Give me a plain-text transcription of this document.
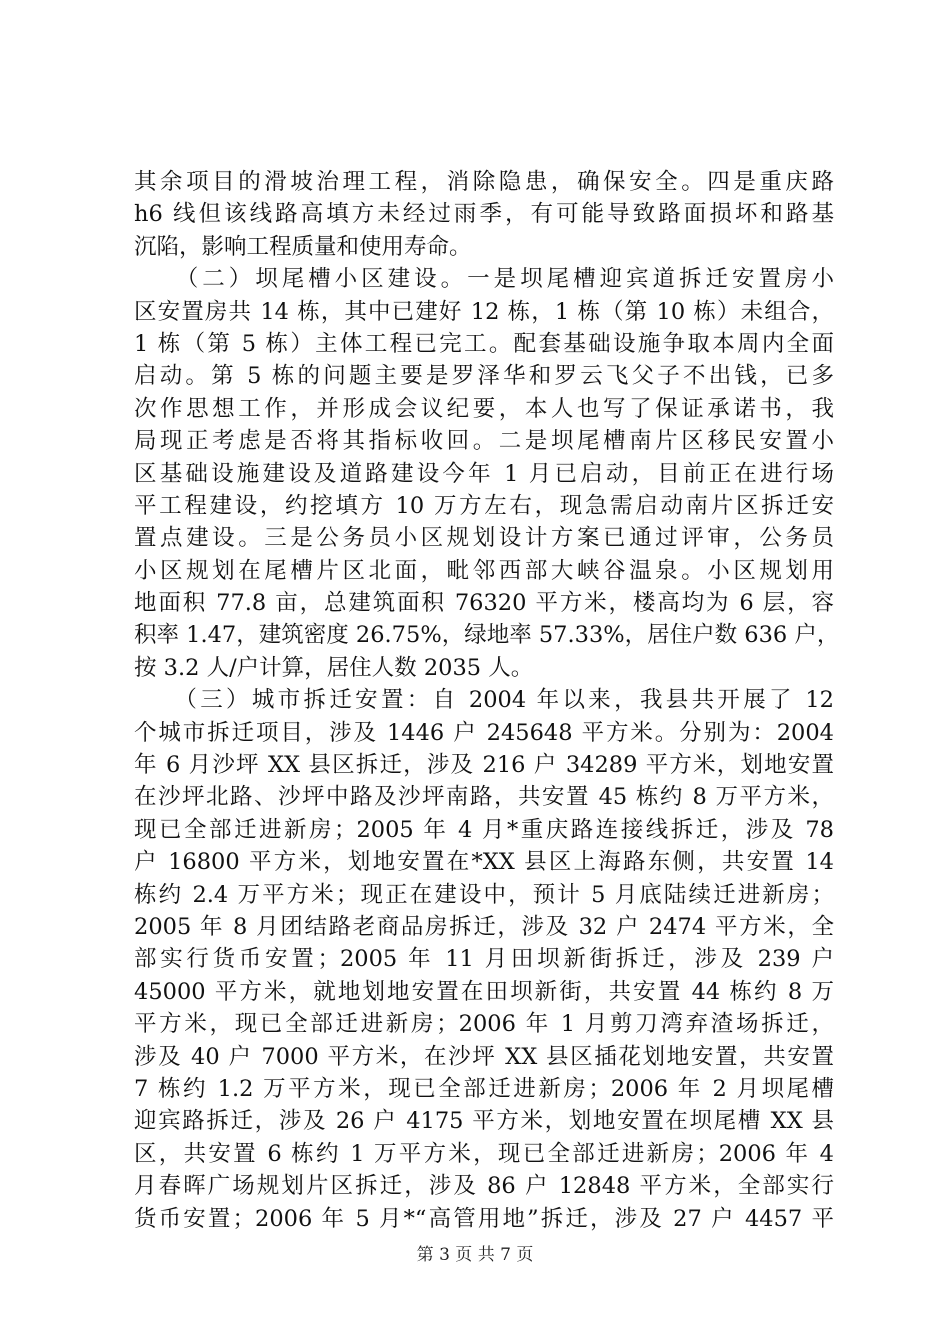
其余项目的滑坡治理工程，消除隐患，确保安全。四是重庆路
h6 线但该线路高填方未经过雨季，有可能导致路面损坏和路基
沉陷，影响工程质量和使用寿命。
　　（二）坝尾槽小区建设。一是坝尾槽迎宾道拆迁安置房小
区安置房共 14 栋，其中已建好 12 栋，1 栋（第 10 栋）未组合，
1 栋（第 5 栋）主体工程已完工。配套基础设施争取本周内全面
启动。第 5 栋的问题主要是罗泽华和罗云飞父子不出钱，已多
次作思想工作，并形成会议纪要，本人也写了保证承诺书，我
局现正考虑是否将其指标收回。二是坝尾槽南片区移民安置小
区基础设施建设及道路建设今年 1 月已启动，目前正在进行场
平工程建设，约挖填方 10 万方左右，现急需启动南片区拆迁安
置点建设。三是公务员小区规划设计方案已通过评审，公务员
小区规划在尾槽片区北面，毗邻西部大峡谷温泉。小区规划用
地面积 77.8 亩，总建筑面积 76320 平方米，楼高均为 6 层，容
积率 1.47，建筑密度 26.75%，绿地率 57.33%，居住户数 636 户，
按 3.2 人/户计算，居住人数 2035 人。
　　（三）城市拆迁安置：自 2004 年以来，我县共开展了 12
个城市拆迁项目，涉及 1446 户 245648 平方米。分别为：2004
年 6 月沙坪 XX 县区拆迁，涉及 216 户 34289 平方米，划地安置
在沙坪北路、沙坪中路及沙坪南路，共安置 45 栋约 8 万平方米，
现已全部迁进新房；2005 年 4 月*重庆路连接线拆迁，涉及 78
户 16800 平方米，划地安置在*XX 县区上海路东侧，共安置 14
栋约 2.4 万平方米；现正在建设中，预计 5 月底陆续迁进新房；
2005 年 8 月团结路老商品房拆迁，涉及 32 户 2474 平方米，全
部实行货币安置；2005 年 11 月田坝新街拆迁，涉及 239 户
45000 平方米，就地划地安置在田坝新街，共安置 44 栋约 8 万
平方米，现已全部迁进新房；2006 年 1 月剪刀湾弃渣场拆迁，
涉及 40 户 7000 平方米，在沙坪 XX 县区插花划地安置，共安置
7 栋约 1.2 万平方米，现已全部迁进新房；2006 年 2 月坝尾槽
迎宾路拆迁，涉及 26 户 4175 平方米，划地安置在坝尾槽 XX 县
区，共安置 6 栋约 1 万平方米，现已全部迁进新房；2006 年 4
月春晖广场规划片区拆迁，涉及 86 户 12848 平方米，全部实行
货币安置；2006 年 5 月*“高管用地”拆迁，涉及 27 户 4457 平
第 3 页 共 7 页
